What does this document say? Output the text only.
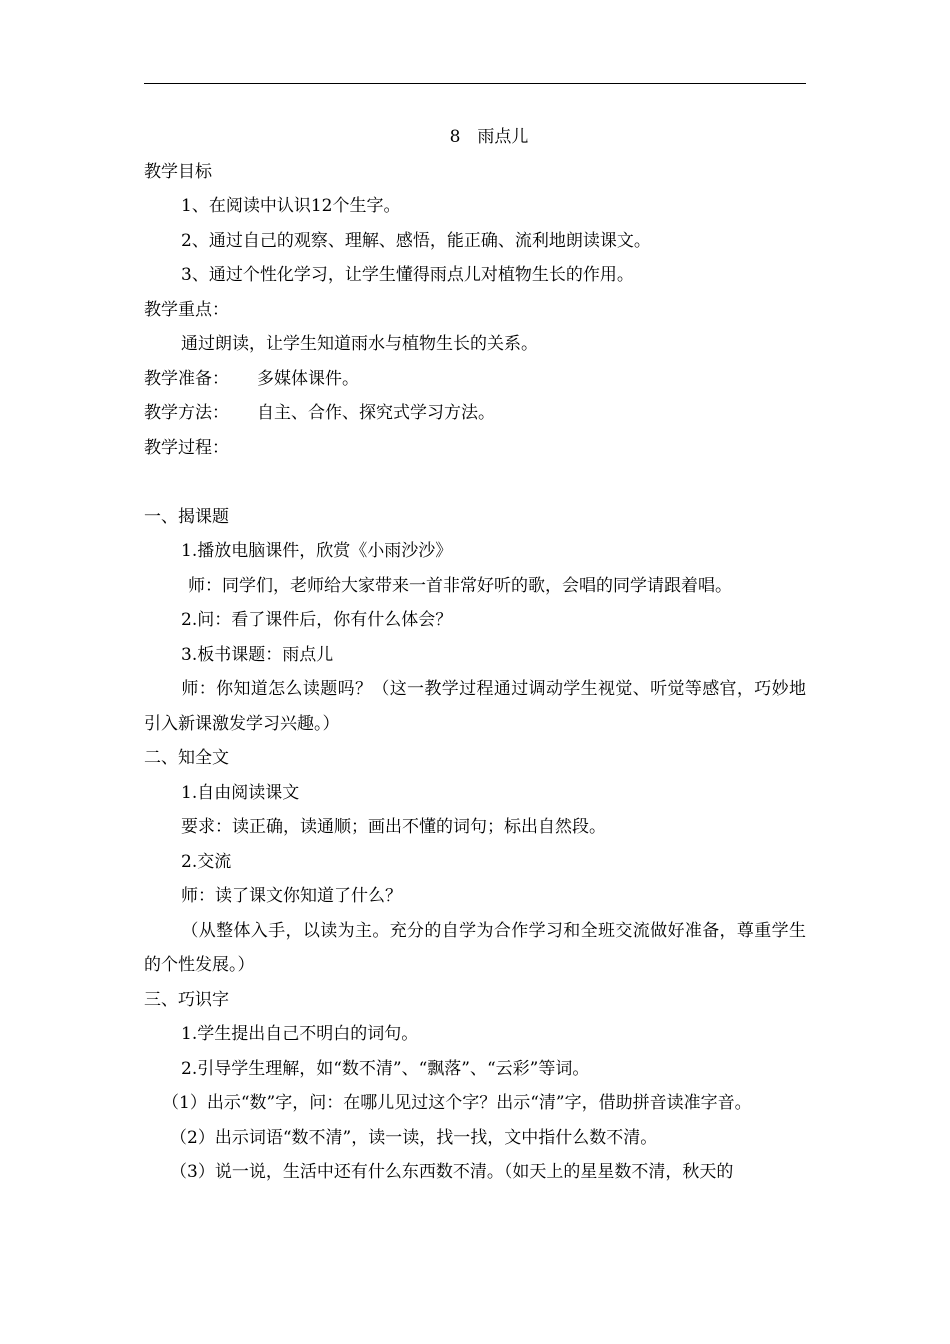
8　雨点儿

教学目标

1、在阅读中认识12个生字。

2、通过自己的观察、理解、感悟，能正确、流利地朗读课文。

3、通过个性化学习，让学生懂得雨点儿对植物生长的作用。

教学重点：

通过朗读，让学生知道雨水与植物生长的关系。

教学准备： 多媒体课件。

教学方法： 自主、合作、探究式学习方法。

教学过程：

一、揭课题

1.播放电脑课件，欣赏《小雨沙沙》

师：同学们，老师给大家带来一首非常好听的歌，会唱的同学请跟着唱。

2.问：看了课件后，你有什么体会？

3.板书课题：雨点儿

师：你知道怎么读题吗？（这一教学过程通过调动学生视觉、听觉等感官，巧妙地引入新课激发学习兴趣。）

二、知全文

1.自由阅读课文

要求：读正确，读通顺；画出不懂的词句；标出自然段。

2.交流

师：读了课文你知道了什么？

（从整体入手，以读为主。充分的自学为合作学习和全班交流做好准备，尊重学生的个性发展。）

三、巧识字

1.学生提出自己不明白的词句。

2.引导学生理解，如“数不清”、“飘落”、“云彩”等词。

（1）出示“数”字，问：在哪儿见过这个字？出示“清”字，借助拼音读准字音。

（2）出示词语“数不清”，读一读，找一找，文中指什么数不清。

（3）说一说，生活中还有什么东西数不清。（如天上的星星数不清，秋天的
